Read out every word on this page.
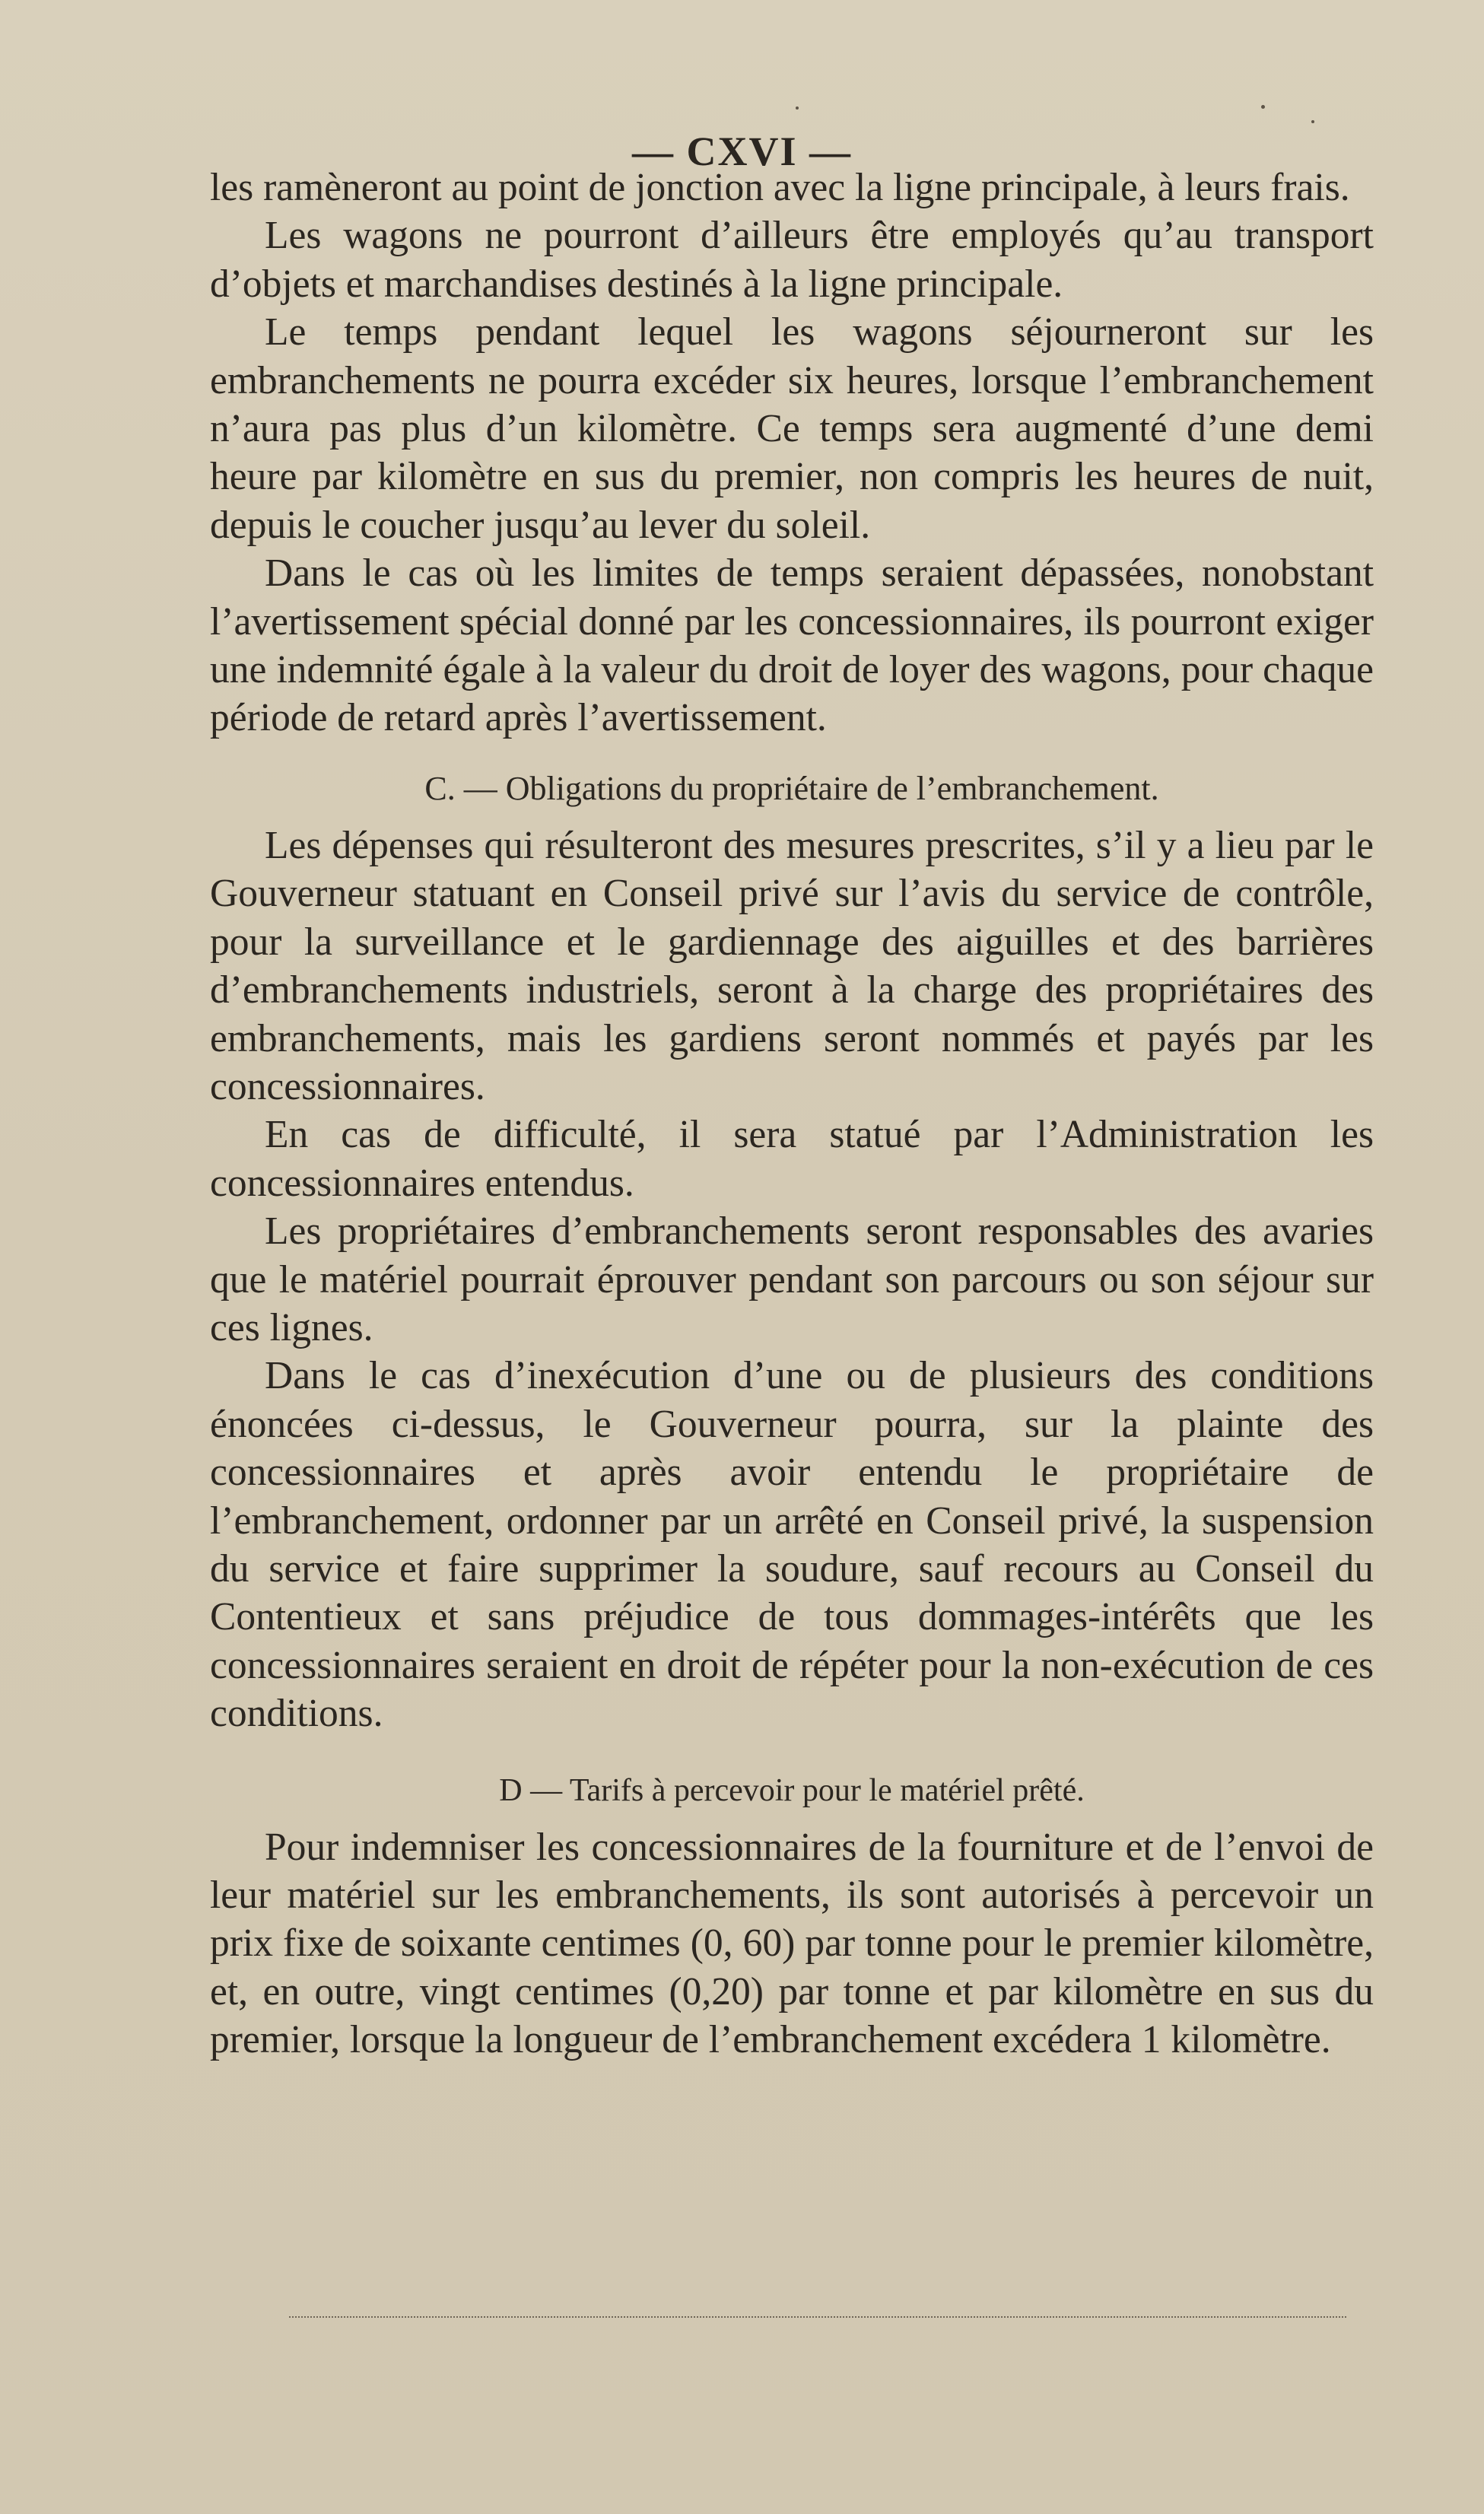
— CXVI —

les ramèneront au point de jonction avec la ligne principale, à leurs frais.

Les wagons ne pourront d’ailleurs être employés qu’au transport d’objets et marchandises destinés à la ligne principale.

Le temps pendant lequel les wagons séjourneront sur les embranchements ne pourra excéder six heures, lorsque l’embranchement n’aura pas plus d’un kilomètre. Ce temps sera augmenté d’une demi heure par kilomètre en sus du premier, non compris les heures de nuit, depuis le coucher jusqu’au lever du soleil.

Dans le cas où les limites de temps seraient dépassées, nonobstant l’avertissement spécial donné par les concessionnaires, ils pourront exiger une indemnité égale à la valeur du droit de loyer des wagons, pour chaque période de retard après l’avertissement.

C. — Obligations du propriétaire de l’embranchement.

Les dépenses qui résulteront des mesures prescrites, s’il y a lieu par le Gouverneur statuant en Conseil privé sur l’avis du service de contrôle, pour la surveillance et le gardiennage des aiguilles et des barrières d’embranchements industriels, seront à la charge des propriétaires des embranchements, mais les gardiens seront nommés et payés par les concessionnaires.

En cas de difficulté, il sera statué par l’Administration les concessionnaires entendus.

Les propriétaires d’embranchements seront responsables des avaries que le matériel pourrait éprouver pendant son parcours ou son séjour sur ces lignes.

Dans le cas d’inexécution d’une ou de plusieurs des conditions énoncées ci-dessus, le Gouverneur pourra, sur la plainte des concessionnaires et après avoir entendu le propriétaire de l’embranchement, ordonner par un arrêté en Conseil privé, la suspension du service et faire supprimer la soudure, sauf recours au Conseil du Contentieux et sans préjudice de tous dommages-intérêts que les concessionnaires seraient en droit de répéter pour la non-exécution de ces conditions.

D — Tarifs à percevoir pour le matériel prêté.

Pour indemniser les concessionnaires de la fourniture et de l’envoi de leur matériel sur les embranchements, ils sont autorisés à percevoir un prix fixe de soixante centimes (0, 60) par tonne pour le premier kilomètre, et, en outre, vingt centimes (0,20) par tonne et par kilomètre en sus du premier, lorsque la longueur de l’embranchement excédera 1 kilomètre.
